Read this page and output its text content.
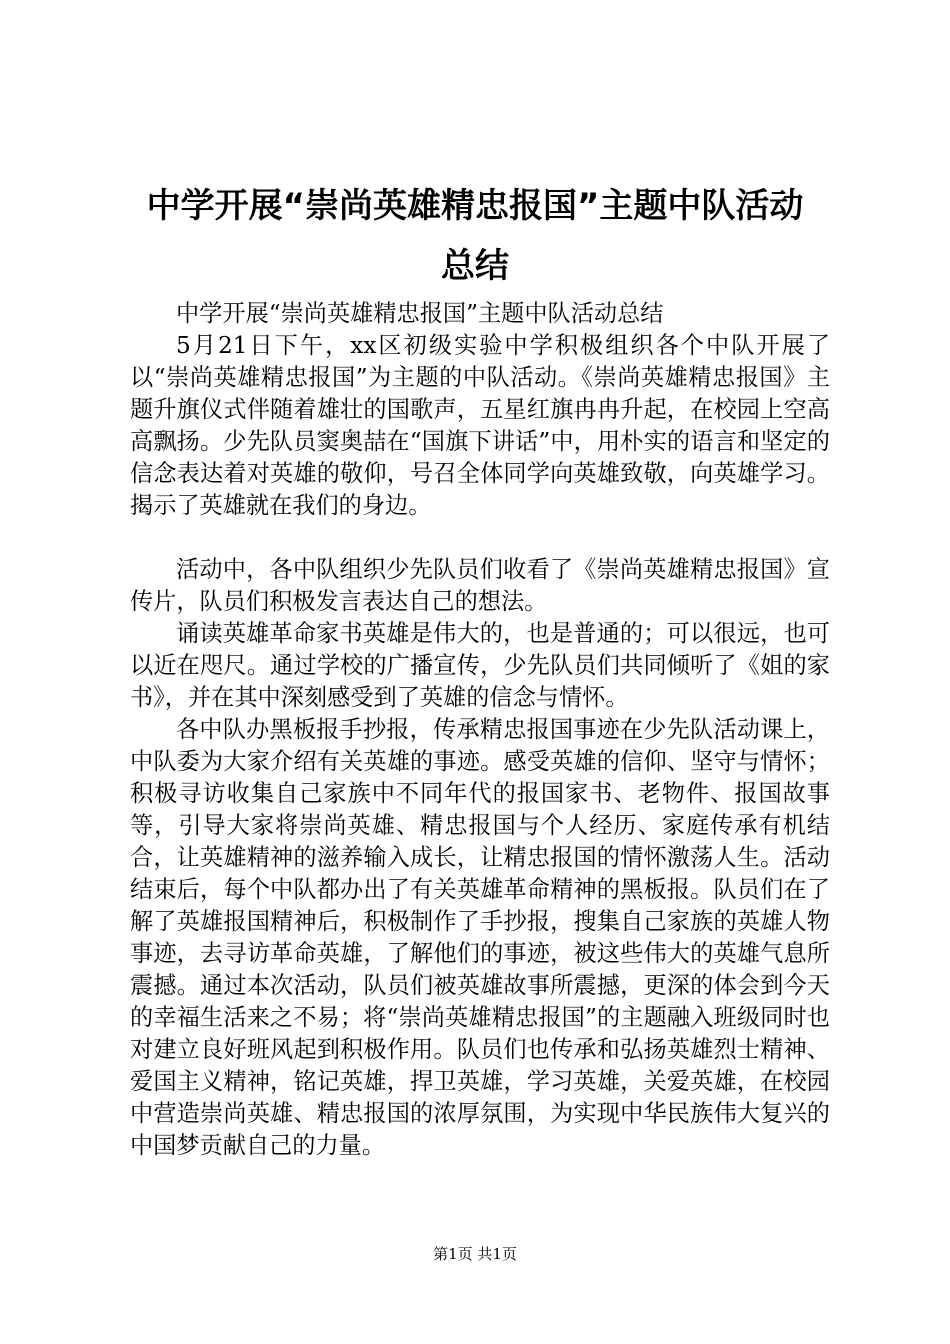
中学开展“崇尚英雄精忠报国”主题中队活动
总结

中学开展“崇尚英雄精忠报国”主题中队活动总结

5月21日下午，xx区初级实验中学积极组织各个中队开展了以“崇尚英雄精忠报国”为主题的中队活动。《崇尚英雄精忠报国》主题升旗仪式伴随着雄壮的国歌声，五星红旗冉冉升起，在校园上空高高飘扬。少先队员窦奥喆在“国旗下讲话”中，用朴实的语言和坚定的信念表达着对英雄的敬仰，号召全体同学向英雄致敬，向英雄学习。揭示了英雄就在我们的身边。

活动中，各中队组织少先队员们收看了《崇尚英雄精忠报国》宣传片，队员们积极发言表达自己的想法。

诵读英雄革命家书英雄是伟大的，也是普通的；可以很远，也可以近在咫尺。通过学校的广播宣传，少先队员们共同倾听了《姐的家书》，并在其中深刻感受到了英雄的信念与情怀。

各中队办黑板报手抄报，传承精忠报国事迹在少先队活动课上，中队委为大家介绍有关英雄的事迹。感受英雄的信仰、坚守与情怀；积极寻访收集自己家族中不同年代的报国家书、老物件、报国故事等，引导大家将崇尚英雄、精忠报国与个人经历、家庭传承有机结合，让英雄精神的滋养输入成长，让精忠报国的情怀激荡人生。活动结束后，每个中队都办出了有关英雄革命精神的黑板报。队员们在了解了英雄报国精神后，积极制作了手抄报，搜集自己家族的英雄人物事迹，去寻访革命英雄，了解他们的事迹，被这些伟大的英雄气息所震撼。通过本次活动，队员们被英雄故事所震撼，更深的体会到今天的幸福生活来之不易；将“崇尚英雄精忠报国”的主题融入班级同时也对建立良好班风起到积极作用。队员们也传承和弘扬英雄烈士精神、爱国主义精神，铭记英雄，捍卫英雄，学习英雄，关爱英雄，在校园中营造崇尚英雄、精忠报国的浓厚氛围，为实现中华民族伟大复兴的中国梦贡献自己的力量。

第1页 共1页
